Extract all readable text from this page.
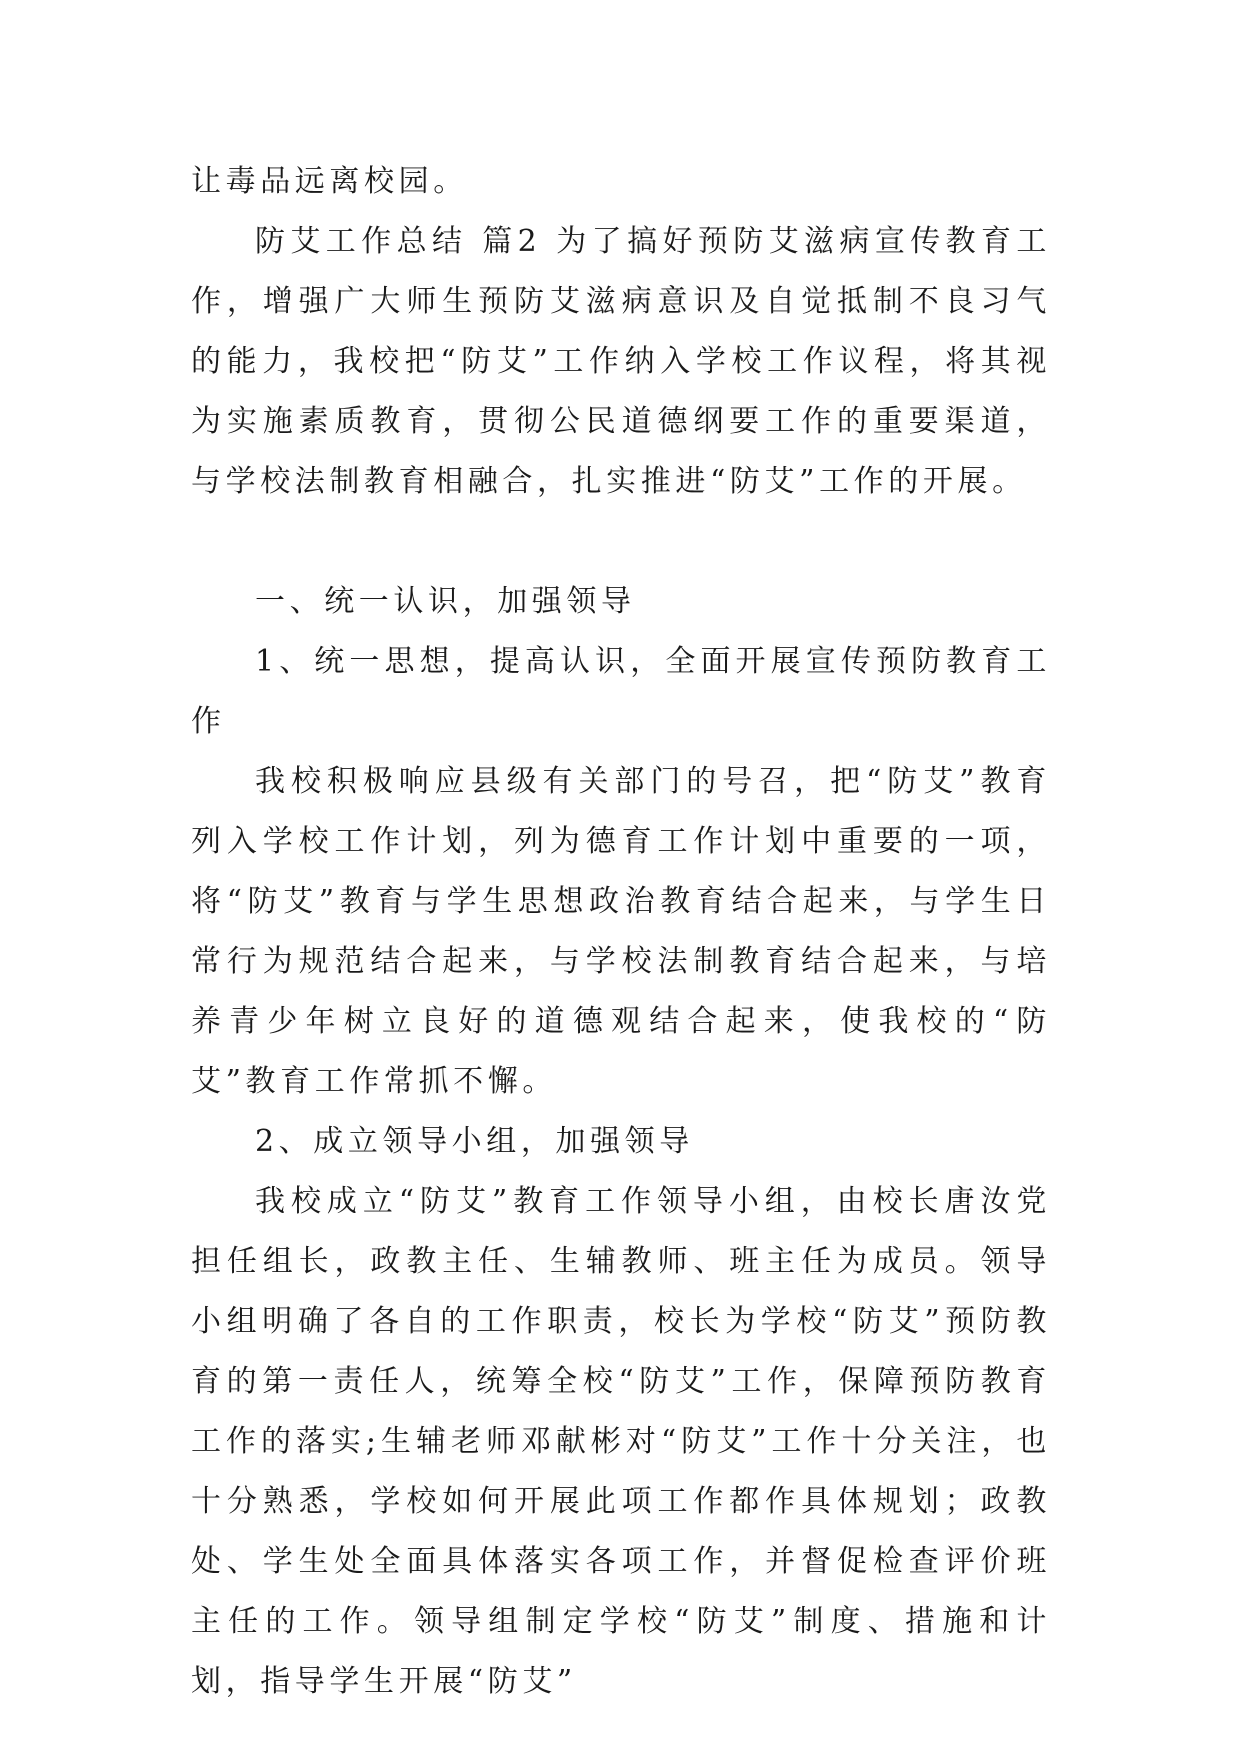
让毒品远离校园。

防艾工作总结 篇2 为了搞好预防艾滋病宣传教育工作，增强广大师生预防艾滋病意识及自觉抵制不良习气的能力，我校把“防艾”工作纳入学校工作议程，将其视为实施素质教育，贯彻公民道德纲要工作的重要渠道，与学校法制教育相融合，扎实推进“防艾”工作的开展。

一、统一认识，加强领导

1、统一思想，提高认识，全面开展宣传预防教育工作

我校积极响应县级有关部门的号召，把“防艾”教育列入学校工作计划，列为德育工作计划中重要的一项，将“防艾”教育与学生思想政治教育结合起来，与学生日常行为规范结合起来，与学校法制教育结合起来，与培养青少年树立良好的道德观结合起来，使我校的“防艾”教育工作常抓不懈。

2、成立领导小组，加强领导

我校成立“防艾”教育工作领导小组，由校长唐汝党担任组长，政教主任、生辅教师、班主任为成员。领导小组明确了各自的工作职责，校长为学校“防艾”预防教育的第一责任人，统筹全校“防艾”工作，保障预防教育工作的落实;生辅老师邓献彬对“防艾”工作十分关注，也十分熟悉，学校如何开展此项工作都作具体规划；政教处、学生处全面具体落实各项工作，并督促检查评价班主任的工作。领导组制定学校“防艾”制度、措施和计划，指导学生开展“防艾”
